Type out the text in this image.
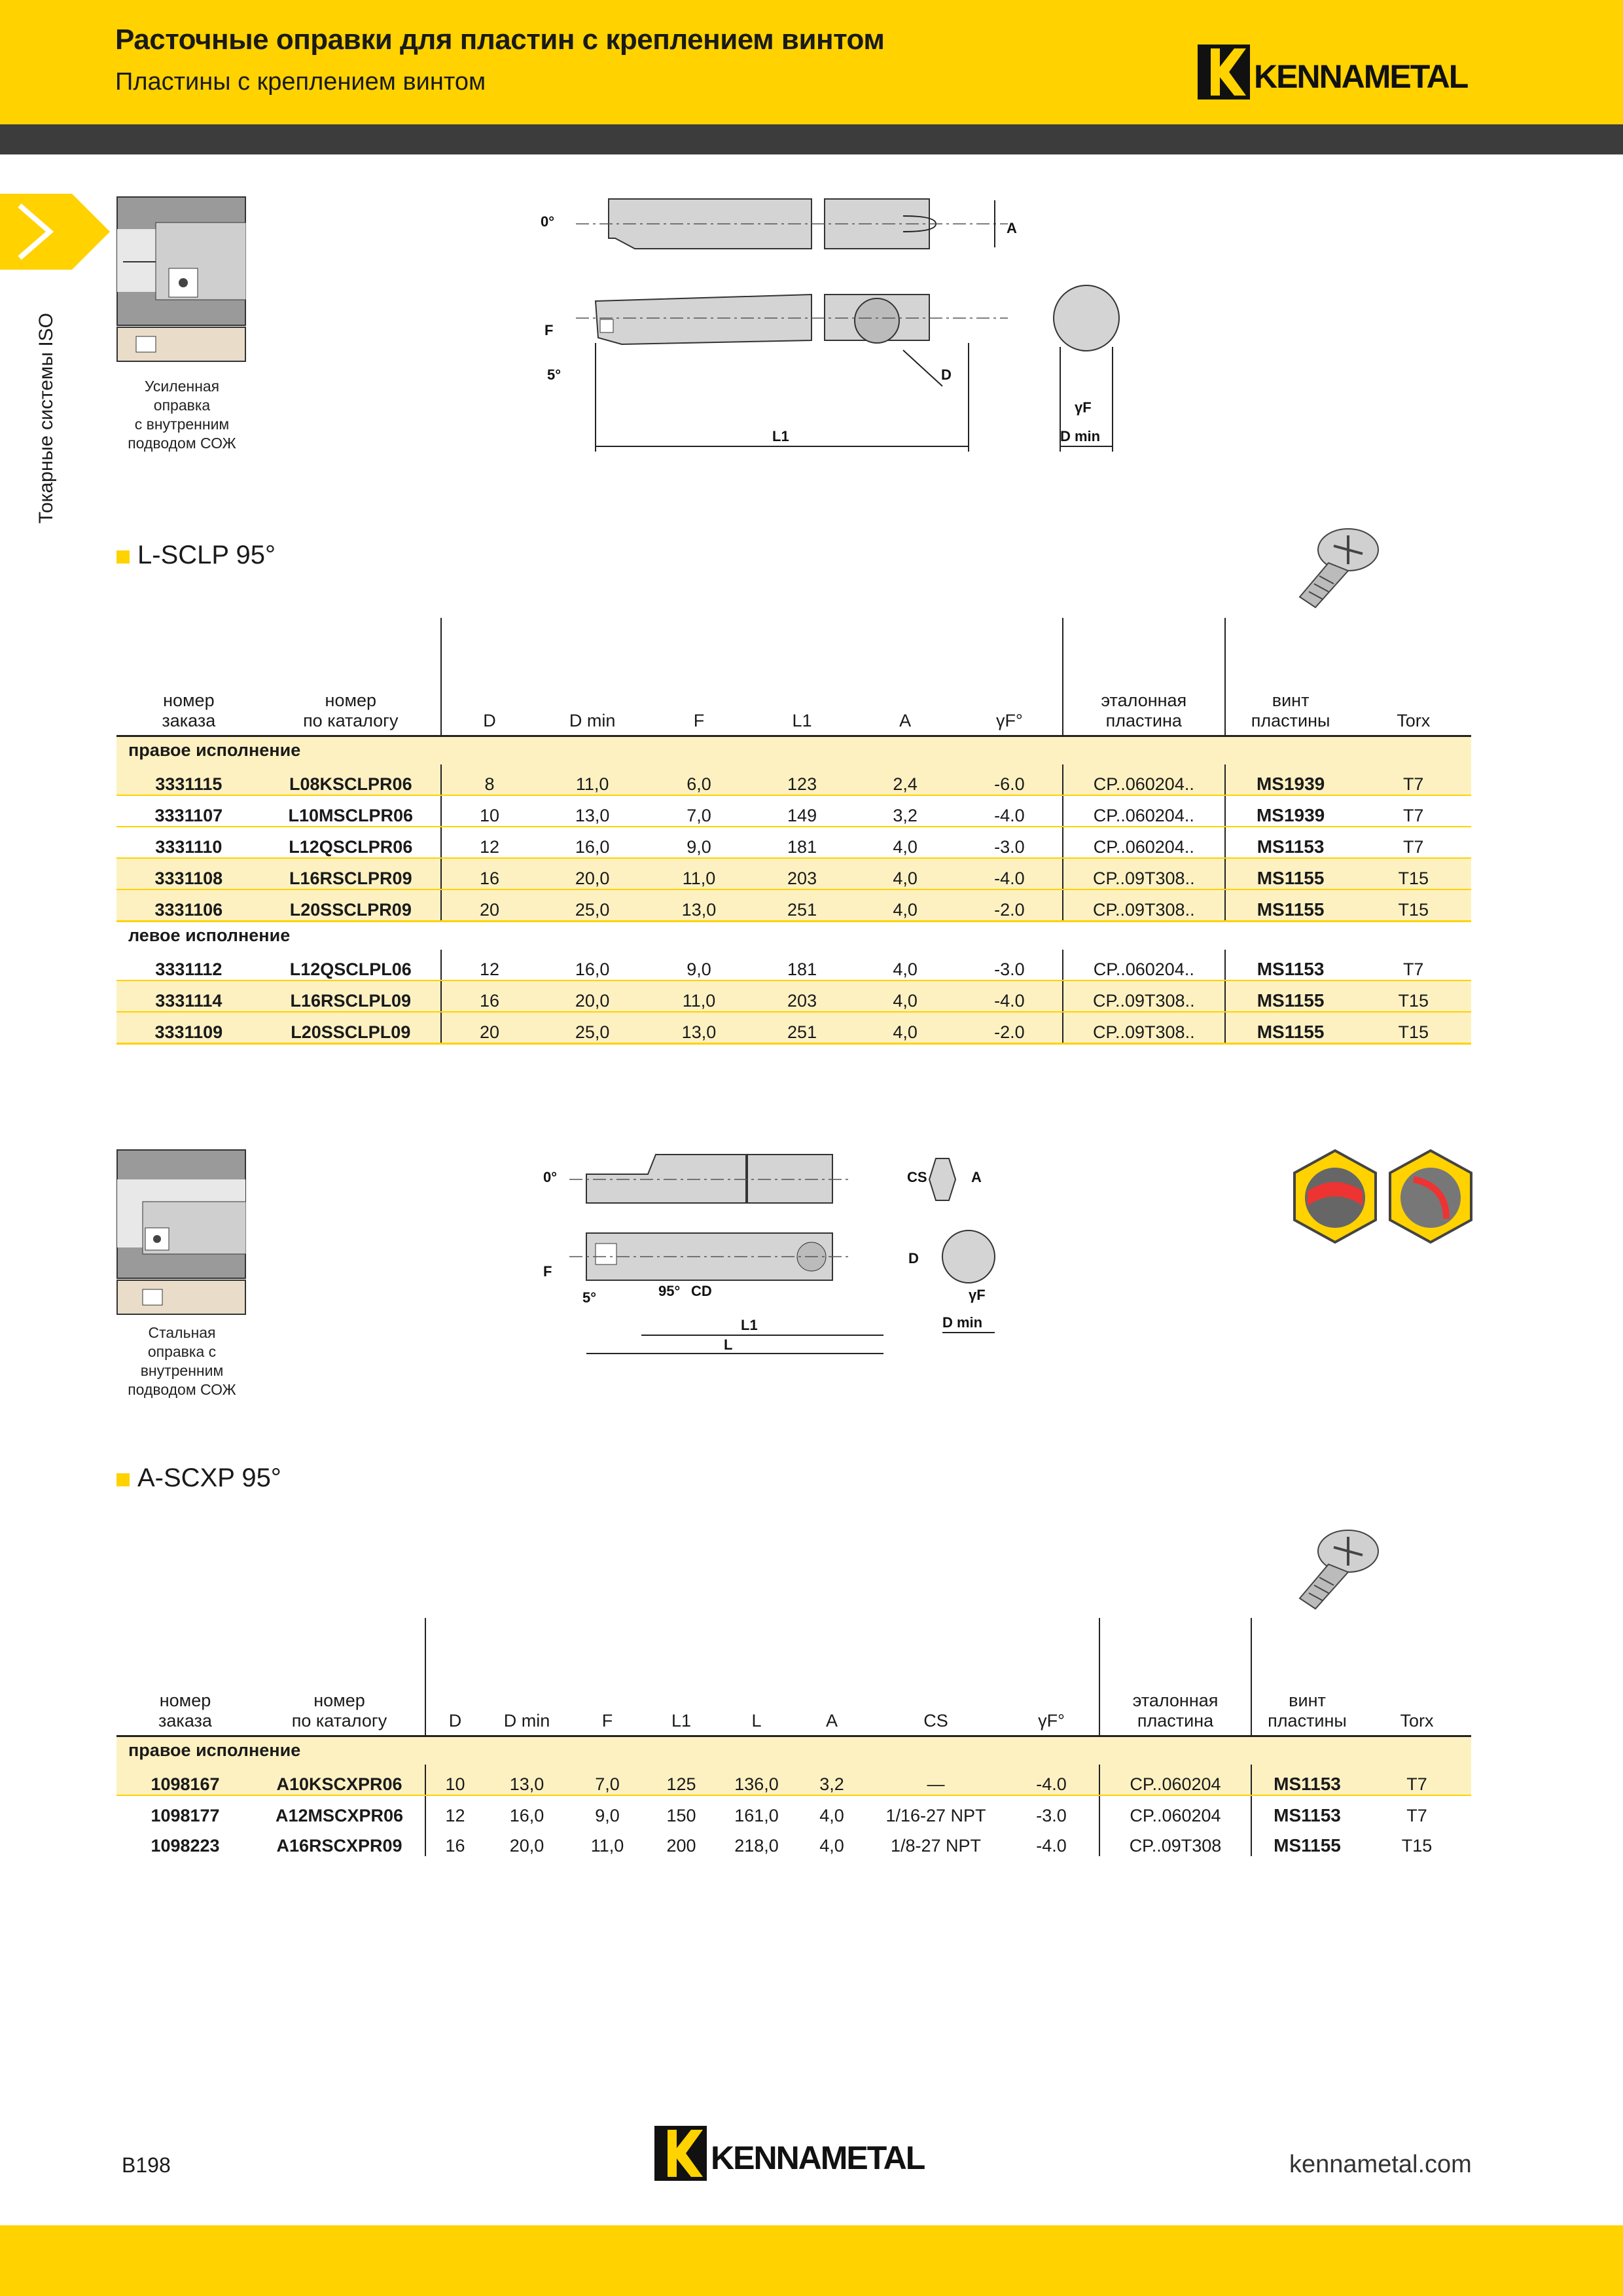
Расточные оправки для пластин с креплением винтом
Пластины с креплением винтом	KENNAMETAL
Токарные системы ISO	Усиленная
оправка
с внутренним
подводом СОЖ
0°	A
F
5°	D
L1	D min
γF
L-SCLP 95°
номер
заказа	номер
по каталогу	D	D min	F	L1	A	γF°	эталонная
пластина	винт
пластины	Torx
правое исполнение										
3331115	L08KSCLPR06	8	11,0	6,0	123	2,4	-6.0	CP..060204..	MS1939	T7
3331107	L10MSCLPR06	10	13,0	7,0	149	3,2	-4.0	CP..060204..	MS1939	T7
3331110	L12QSCLPR06	12	16,0	9,0	181	4,0	-3.0	CP..060204..	MS1153	T7
3331108	L16RSCLPR09	16	20,0	11,0	203	4,0	-4.0	CP..09T308..	MS1155	T15
3331106	L20SSCLPR09	20	25,0	13,0	251	4,0	-2.0	CP..09T308..	MS1155	T15
левое исполнение										
3331112	L12QSCLPL06	12	16,0	9,0	181	4,0	-3.0	CP..060204..	MS1153	T7
3331114	L16RSCLPL09	16	20,0	11,0	203	4,0	-4.0	CP..09T308..	MS1155	T15
3331109	L20SSCLPL09	20	25,0	13,0	251	4,0	-2.0	CP..09T308..	MS1155	T15
Стальная
оправка с
внутренним
подводом СОЖ
0°	CS	A
F
5°	95° CD
D
γF
L1
L
D min
A-SCXP 95°
номер
заказа	номер
по каталогу	D	D min	F	L1	L	A	CS	γF°	эталонная
пластина	винт
пластины	Torx
правое исполнение												
1098167	A10KSCXPR06	10	13,0	7,0	125	136,0	3,2	—	-4.0	CP..060204	MS1153	T7
1098177	A12MSCXPR06	12	16,0	9,0	150	161,0	4,0	1/16-27 NPT	-3.0	CP..060204	MS1153	T7
1098223	A16RSCXPR09	16	20,0	11,0	200	218,0	4,0	1/8-27 NPT	-4.0	CP..09T308	MS1155	T15
B198	KENNAMETAL	kennametal.com
